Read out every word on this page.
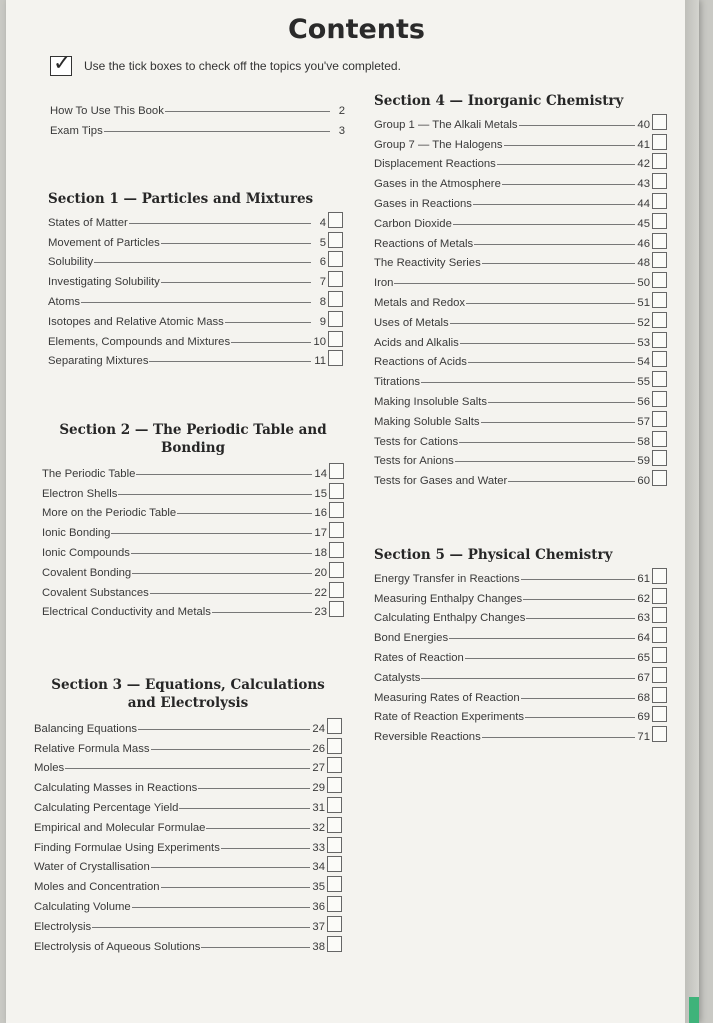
Contents
✓ Use the tick boxes to check off the topics you've completed.
How To Use This Book	2
Exam Tips	3
Section 1 — Particles and Mixtures
States of Matter	4
Movement of Particles	5
Solubility	6
Investigating Solubility	7
Atoms	8
Isotopes and Relative Atomic Mass	9
Elements, Compounds and Mixtures	10
Separating Mixtures	11
Section 2 — The Periodic Table and
Bonding
The Periodic Table	14
Electron Shells	15
More on the Periodic Table	16
Ionic Bonding	17
Ionic Compounds	18
Covalent Bonding	20
Covalent Substances	22
Electrical Conductivity and Metals	23
Section 3 — Equations, Calculations
and Electrolysis
Balancing Equations	24
Relative Formula Mass	26
Moles	27
Calculating Masses in Reactions	29
Calculating Percentage Yield	31
Empirical and Molecular Formulae	32
Finding Formulae Using Experiments	33
Water of Crystallisation	34
Moles and Concentration	35
Calculating Volume	36
Electrolysis	37
Electrolysis of Aqueous Solutions	38
Section 4 — Inorganic Chemistry
Group 1 — The Alkali Metals	40
Group 7 — The Halogens	41
Displacement Reactions	42
Gases in the Atmosphere	43
Gases in Reactions	44
Carbon Dioxide	45
Reactions of Metals	46
The Reactivity Series	48
Iron	50
Metals and Redox	51
Uses of Metals	52
Acids and Alkalis	53
Reactions of Acids	54
Titrations	55
Making Insoluble Salts	56
Making Soluble Salts	57
Tests for Cations	58
Tests for Anions	59
Tests for Gases and Water	60
Section 5 — Physical Chemistry
Energy Transfer in Reactions	61
Measuring Enthalpy Changes	62
Calculating Enthalpy Changes	63
Bond Energies	64
Rates of Reaction	65
Catalysts	67
Measuring Rates of Reaction	68
Rate of Reaction Experiments	69
Reversible Reactions	71
